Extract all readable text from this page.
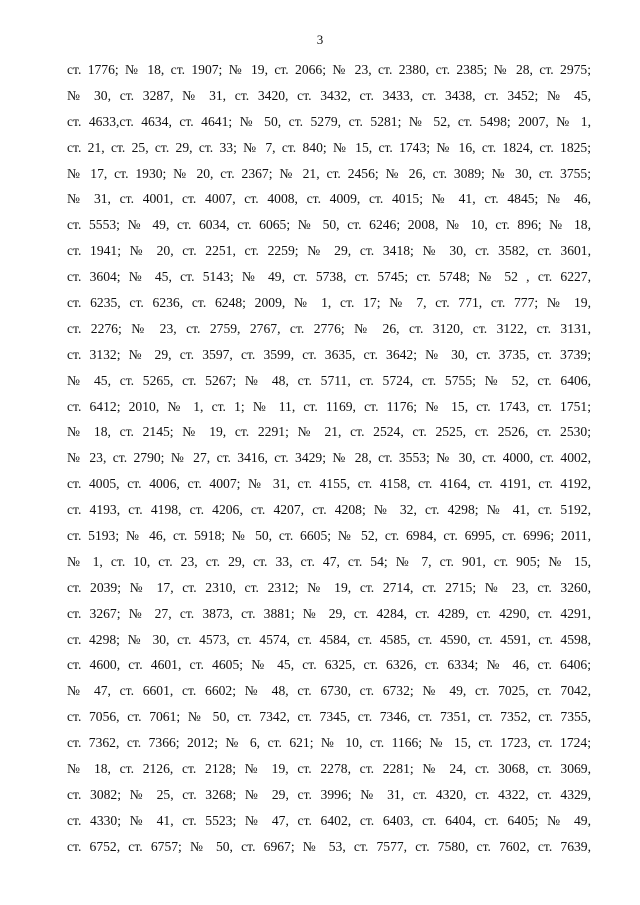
3
ст. 1776; № 18, ст. 1907; № 19, ст. 2066; № 23, ст. 2380, ст. 2385; № 28, ст. 2975;
№ 30, ст. 3287, № 31, ст. 3420, ст. 3432, ст. 3433, ст. 3438, ст. 3452; № 45,
ст. 4633,ст. 4634, ст. 4641; № 50, ст. 5279, ст. 5281; № 52, ст. 5498; 2007, № 1,
ст. 21, ст. 25, ст. 29, ст. 33; № 7, ст. 840; № 15, ст. 1743; № 16, ст. 1824, ст. 1825;
№ 17, ст. 1930; № 20, ст. 2367; № 21, ст. 2456; № 26, ст. 3089; № 30, ст. 3755;
№ 31, ст. 4001, ст. 4007, ст. 4008, ст. 4009, ст. 4015; № 41, ст. 4845; № 46,
ст. 5553; № 49, ст. 6034, ст. 6065; № 50, ст. 6246; 2008, № 10, ст. 896; № 18,
ст. 1941; № 20, ст. 2251, ст. 2259; № 29, ст. 3418; № 30, ст. 3582, ст. 3601,
ст. 3604; № 45, ст. 5143; № 49, ст. 5738, ст. 5745; ст. 5748; № 52 , ст. 6227,
ст. 6235, ст. 6236, ст. 6248; 2009, № 1, ст. 17; № 7, ст. 771, ст. 777; № 19,
ст. 2276; № 23, ст. 2759, 2767, ст. 2776; № 26, ст. 3120, ст. 3122, ст. 3131,
ст. 3132; № 29, ст. 3597, ст. 3599, ст. 3635, ст. 3642; № 30, ст. 3735, ст. 3739;
№ 45, ст. 5265, ст. 5267; № 48, ст. 5711, ст. 5724, ст. 5755; № 52, ст. 6406,
ст. 6412; 2010, № 1, ст. 1; № 11, ст. 1169, ст. 1176; № 15, ст. 1743, ст. 1751;
№ 18, ст. 2145; № 19, ст. 2291; № 21, ст. 2524, ст. 2525, ст. 2526, ст. 2530;
№ 23, ст. 2790; № 27, ст. 3416, ст. 3429; № 28, ст. 3553; № 30, ст. 4000, ст. 4002,
ст. 4005, ст. 4006, ст. 4007; № 31, ст. 4155, ст. 4158, ст. 4164, ст. 4191, ст. 4192,
ст. 4193, ст. 4198, ст. 4206, ст. 4207, ст. 4208; № 32, ст. 4298; № 41, ст. 5192,
ст. 5193; № 46, ст. 5918; № 50, ст. 6605; № 52, ст. 6984, ст. 6995, ст. 6996; 2011,
№ 1, ст. 10, ст. 23, ст. 29, ст. 33, ст. 47, ст. 54; № 7, ст. 901, ст. 905; № 15,
ст. 2039; № 17, ст. 2310, ст. 2312; № 19, ст. 2714, ст. 2715; № 23, ст. 3260,
ст. 3267; № 27, ст. 3873, ст. 3881; № 29, ст. 4284, ст. 4289, ст. 4290, ст. 4291,
ст. 4298; № 30, ст. 4573, ст. 4574, ст. 4584, ст. 4585, ст. 4590, ст. 4591, ст. 4598,
ст. 4600, ст. 4601, ст. 4605; № 45, ст. 6325, ст. 6326, ст. 6334; № 46, ст. 6406;
№ 47, ст. 6601, ст. 6602; № 48, ст. 6730, ст. 6732; № 49, ст. 7025, ст. 7042,
ст. 7056, ст. 7061; № 50, ст. 7342, ст. 7345, ст. 7346, ст. 7351, ст. 7352, ст. 7355,
ст. 7362, ст. 7366; 2012; № 6, ст. 621; № 10, ст. 1166; № 15, ст. 1723, ст. 1724;
№ 18, ст. 2126, ст. 2128; № 19, ст. 2278, ст. 2281; № 24, ст. 3068, ст. 3069,
ст. 3082; № 25, ст. 3268; № 29, ст. 3996; № 31, ст. 4320, ст. 4322, ст. 4329,
ст. 4330; № 41, ст. 5523; № 47, ст. 6402, ст. 6403, ст. 6404, ст. 6405; № 49,
ст. 6752, ст. 6757; № 50, ст. 6967; № 53, ст. 7577, ст. 7580, ст. 7602, ст. 7639,
